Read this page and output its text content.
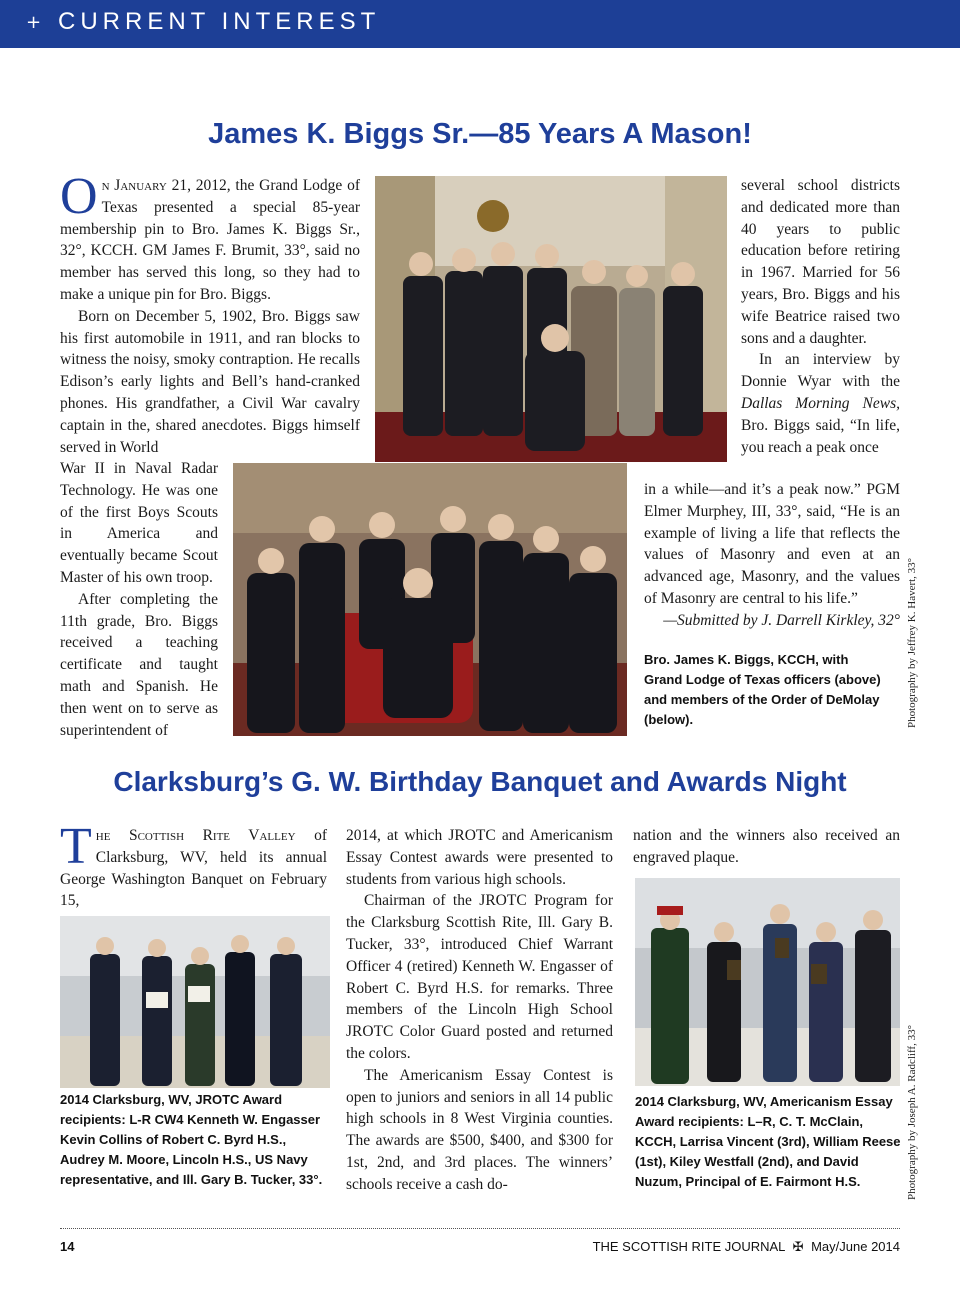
+ CURRENT INTEREST
James K. Biggs Sr.—85 Years A Mason!

On January 21, 2012, the Grand Lodge of Texas presented a special 85-year membership pin to Bro. James K. Biggs Sr., 32°, KCCH. GM James F. Brumit, 33°, said no member has served this long, so they had to make a unique pin for Bro. Biggs.

Born on December 5, 1902, Bro. Biggs saw his first automobile in 1911, and ran blocks to witness the noisy, smoky contraption. He recalls Edison’s early lights and Bell’s hand-cranked phones. His grandfather, a Civil War cavalry captain in the, shared anecdotes. Biggs himself served in World

War II in Naval Radar Technology. He was one of the first Boys Scouts in America and eventually became Scout Master of his own troop.

After completing the 11th grade, Bro. Biggs received a teaching certificate and taught math and Spanish. He then went on to serve as superintendent of

several school districts and dedicated more than 40 years to public education before retiring in 1967. Married for 56 years, Bro. Biggs and his wife Beatrice raised two sons and a daughter.

In an interview by Donnie Wyar with the Dallas Morning News, Bro. Biggs said, “In life, you reach a peak once

in a while—and it’s a peak now.” PGM Elmer Murphey, III, 33°, said, “He is an example of living a life that reflects the values of Masonry and even at an advanced age, Masonry, and the values of Masonry are central to his life.”

—Submitted by J. Darrell Kirkley, 32°

Bro. James K. Biggs, KCCH, with Grand Lodge of Texas officers (above) and members of the Order of DeMolay (below).	Photography by Jeffrey K. Havert, 33°
Clarksburg’s G. W. Birthday Banquet and Awards Night

The Scottish Rite Valley of Clarksburg, WV, held its annual George Washington Banquet on February 15,

2014 Clarksburg, WV, JROTC Award recipients: L-R CW4 Kenneth W. Engasser Kevin Collins of Robert C. Byrd H.S., Audrey M. Moore, Lincoln H.S., US Navy representative, and Ill. Gary B. Tucker, 33°.

2014, at which JROTC and Americanism Essay Contest awards were presented to students from various high schools.

Chairman of the JROTC Program for the Clarksburg Scottish Rite, Ill. Gary B. Tucker, 33°, introduced Chief Warrant Officer 4 (retired) Kenneth W. Engasser of Robert C. Byrd H.S. for remarks. Three members of the Lincoln High School JROTC Color Guard posted and returned the colors.

The Americanism Essay Contest is open to juniors and seniors in all 14 public high schools in 8 West Virginia counties. The awards are $500, $400, and $300 for 1st, 2nd, and 3rd places. The winners’ schools receive a cash do-

nation and the winners also received an engraved plaque.

2014 Clarksburg, WV, Americanism Essay Award recipients: L–R, C. T. McClain, KCCH, Larrisa Vincent (3rd), William Reese (1st), Kiley Westfall (2nd), and David Nuzum, Principal of E. Fairmont H.S.	Photography by Joseph A. Radcliff, 33°
14	THE SCOTTISH RITE JOURNAL ✠ May/June 2014
